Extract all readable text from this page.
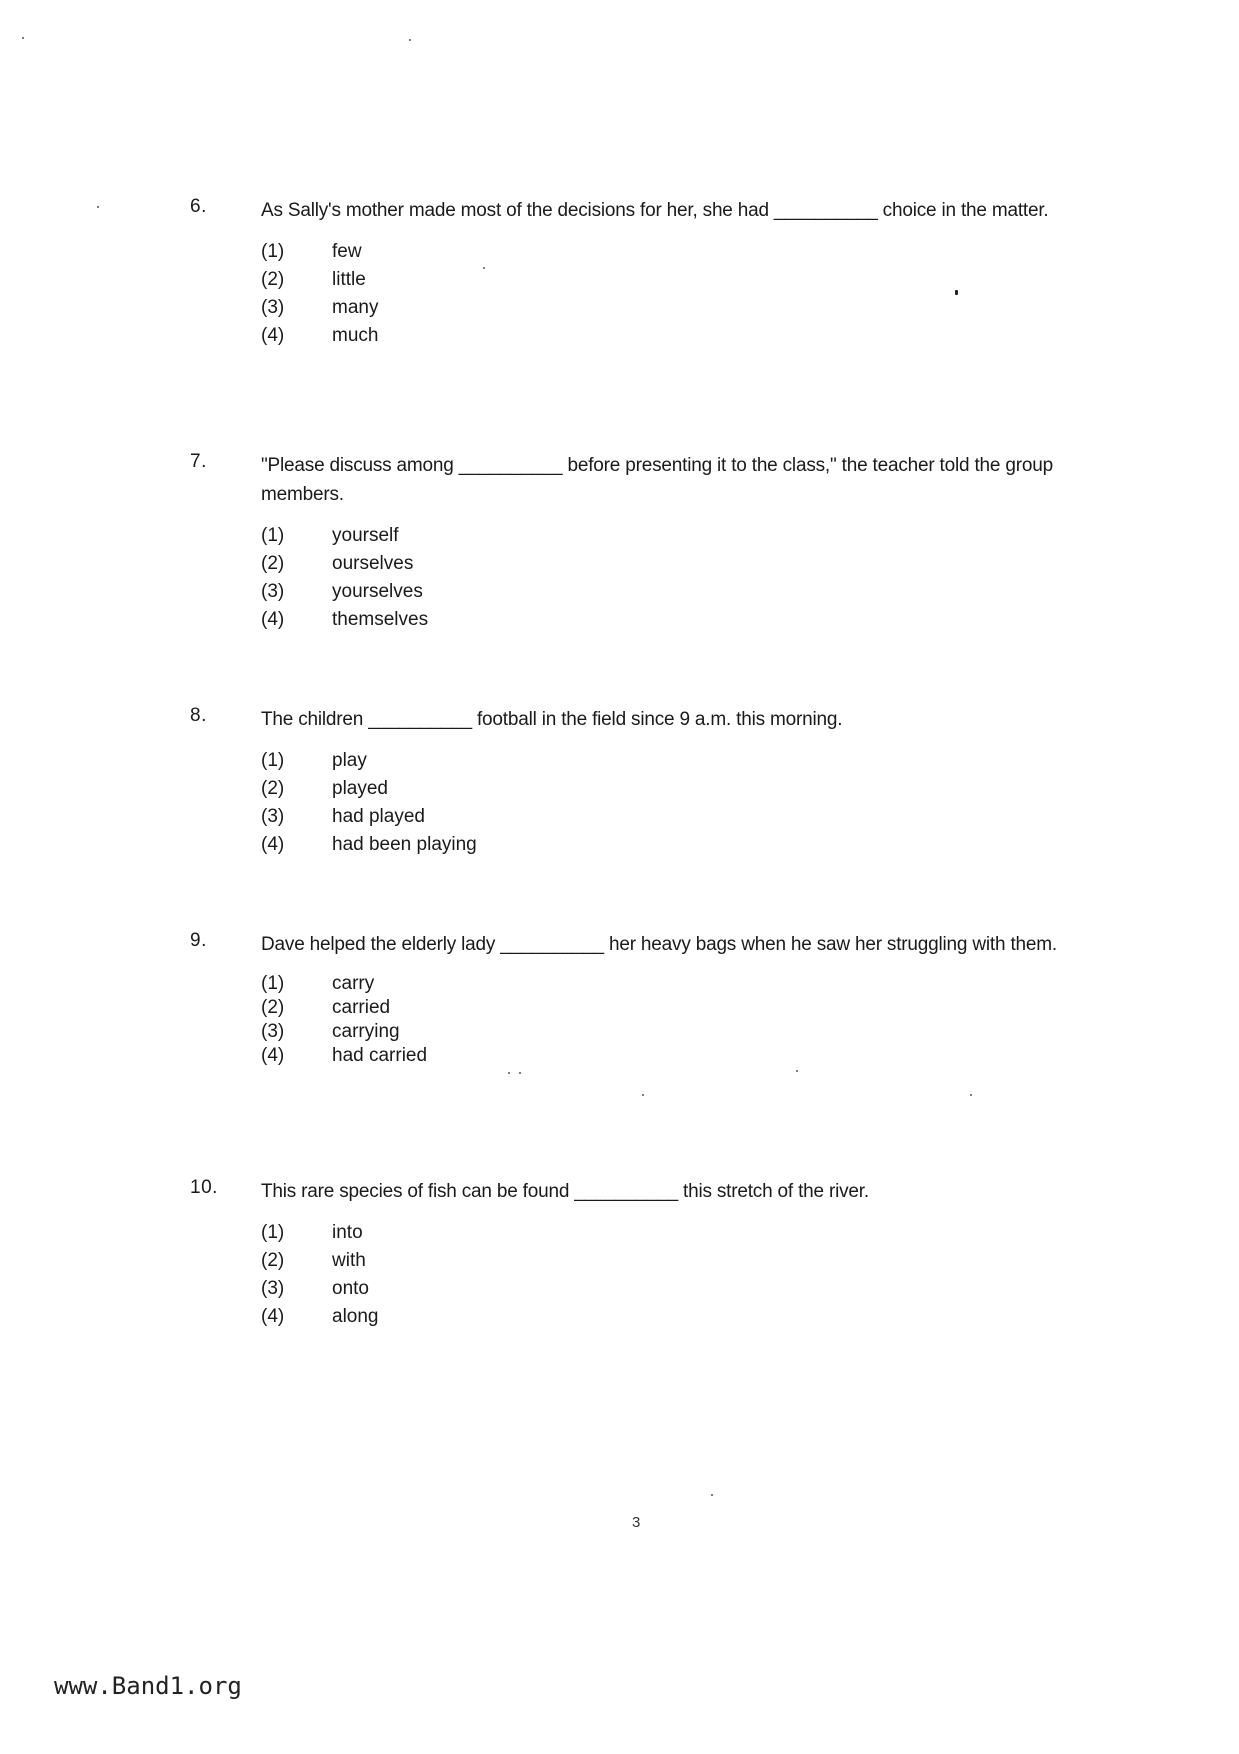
6.	As Sally's mother made most of the decisions for her, she had __________ choice in the matter.
(1)	few
(2)	little
(3)	many
(4)	much
7.	"Please discuss among __________ before presenting it to the class," the teacher told the group members.
(1)	yourself
(2)	ourselves
(3)	yourselves
(4)	themselves
8.	The children __________ football in the field since 9 a.m. this morning.
(1)	play
(2)	played
(3)	had played
(4)	had been playing
9.	Dave helped the elderly lady __________ her heavy bags when he saw her struggling with them.
(1)	carry
(2)	carried
(3)	carrying
(4)	had carried
10. This rare species of fish can be found __________ this stretch of the river.
(1)	into
(2)	with
(3)	onto
(4)	along
3
www.Band1.org
